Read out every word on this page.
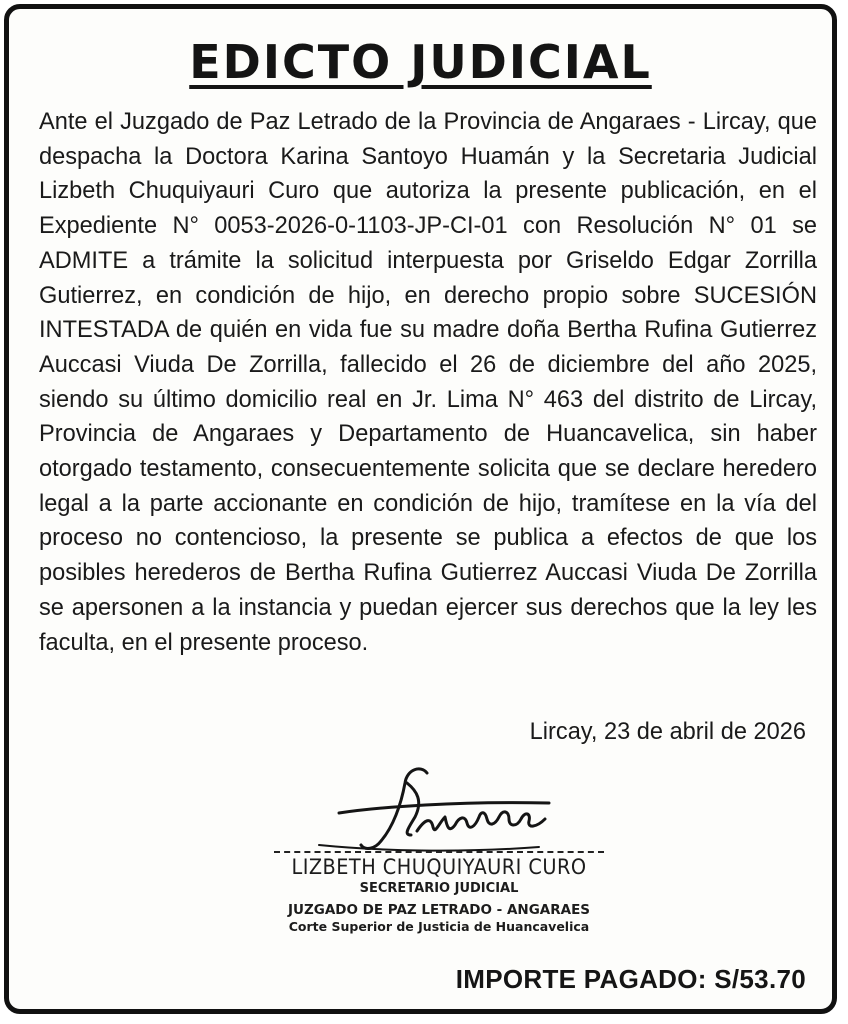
EDICTO JUDICIAL

Ante el Juzgado de Paz Letrado de la Provincia de Angaraes - Lircay, que despacha la Doctora Karina Santoyo Huamán y la Secretaria Judicial Lizbeth Chuquiyauri Curo que autoriza la presente publicación, en el Expediente N° 0053-2026-0-1103-JP-CI-01 con Resolución N° 01 se ADMITE a trámite la solicitud interpuesta por Griseldo Edgar Zorrilla Gutierrez, en condición de hijo, en derecho propio sobre SUCESIÓN INTESTADA de quién en vida fue su madre doña Bertha Rufina Gutierrez Auccasi Viuda De Zorrilla, fallecido el 26 de diciembre del año 2025, siendo su último domicilio real en Jr. Lima N° 463 del distrito de Lircay, Provincia de Angaraes y Departamento de Huancavelica, sin haber otorgado testamento, consecuentemente solicita que se declare heredero legal a la parte accionante en condición de hijo, tramítese en la vía del proceso no contencioso, la presente se publica a efectos de que los posibles herederos de Bertha Rufina Gutierrez Auccasi Viuda De Zorrilla se apersonen a la instancia y puedan ejercer sus derechos que la ley les faculta, en el presente proceso.

Lircay, 23 de abril de 2026
LIZBETH CHUQUIYAURI CURO
SECRETARIO JUDICIAL
JUZGADO DE PAZ LETRADO - ANGARAES
Corte Superior de Justicia de Huancavelica
IMPORTE PAGADO: S/53.70
